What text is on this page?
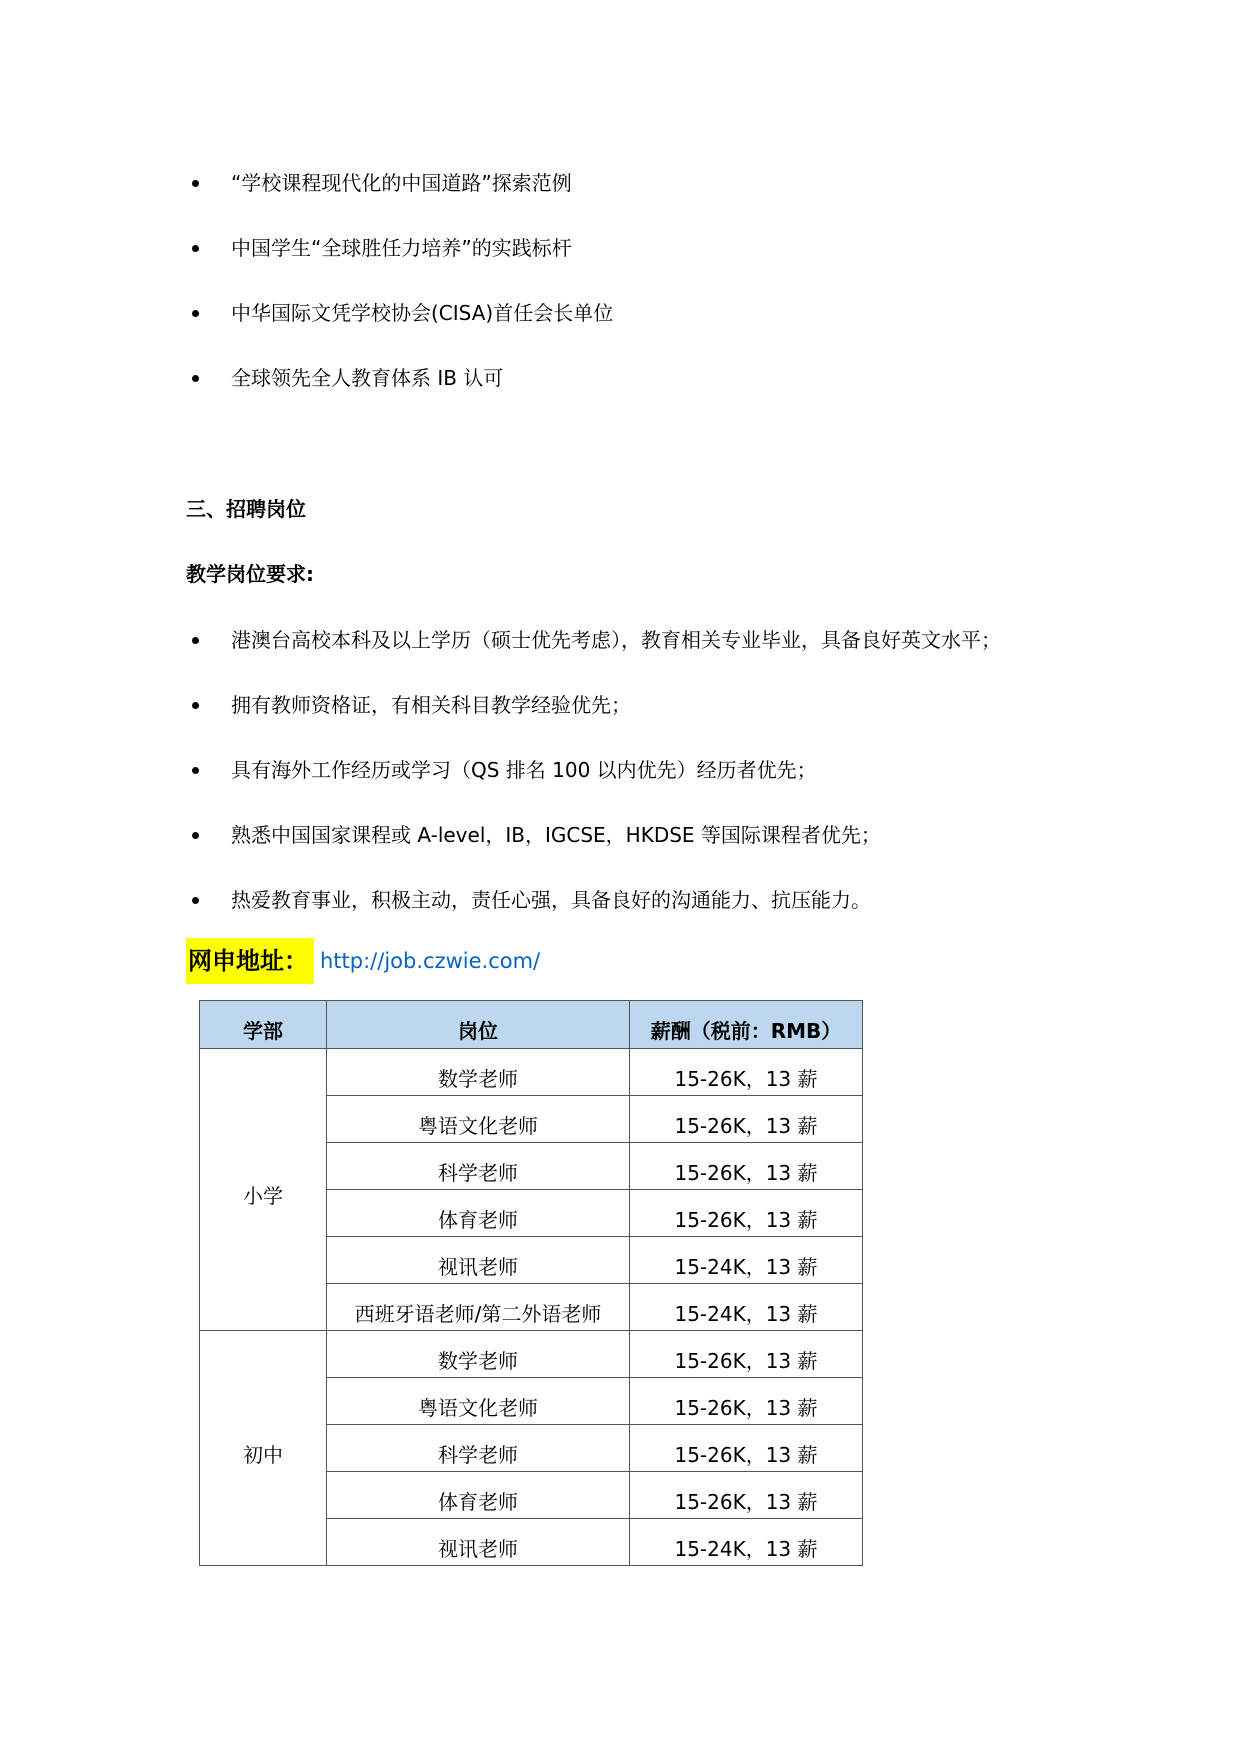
“学校课程现代化的中国道路”探索范例
中国学生“全球胜任力培养”的实践标杆
中华国际文凭学校协会(CISA)首任会长单位
全球领先全人教育体系 IB 认可
三、招聘岗位
教学岗位要求:
港澳台高校本科及以上学历（硕士优先考虑），教育相关专业毕业，具备良好英文水平；
拥有教师资格证，有相关科目教学经验优先；
具有海外工作经历或学习（QS 排名 100 以内优先）经历者优先；
熟悉中国国家课程或 A-level，IB，IGCSE，HKDSE 等国际课程者优先；
热爱教育事业，积极主动，责任心强，具备良好的沟通能力、抗压能力。
网申地址： http://job.czwie.com/
学部	岗位	薪酬（税前：RMB）
小学	数学老师	15-26K，13 薪
	粤语文化老师	15-26K，13 薪
	科学老师	15-26K，13 薪
	体育老师	15-26K，13 薪
	视讯老师	15-24K，13 薪
	西班牙语老师/第二外语老师	15-24K，13 薪
初中	数学老师	15-26K，13 薪
	粤语文化老师	15-26K，13 薪
	科学老师	15-26K，13 薪
	体育老师	15-26K，13 薪
	视讯老师	15-24K，13 薪
